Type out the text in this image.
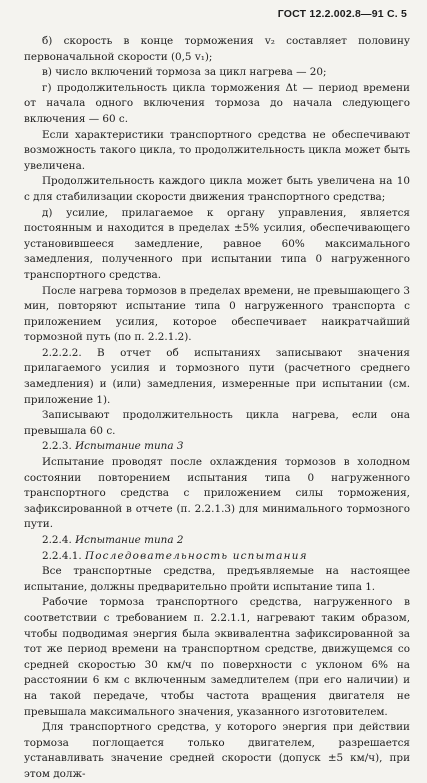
ГОСТ 12.2.002.8—91 С. 5

б) скорость в конце торможения v₂ составляет половину первоначальной скорости (0,5 v₁);

в) число включений тормоза за цикл нагрева — 20;

г) продолжительность цикла торможения Δt — период времени от начала одного включения тормоза до начала следующего включения — 60 с.

Если характеристики транспортного средства не обеспечивают возможность такого цикла, то продолжительность цикла может быть увеличена.

Продолжительность каждого цикла может быть увеличена на 10 с для стабилизации скорости движения транспортного средства;

д) усилие, прилагаемое к органу управления, является постоянным и находится в пределах ±5% усилия, обеспечивающего установившееся замедление, равное 60% максимального замедления, полученного при испытании типа 0 нагруженного транспортного средства.

После нагрева тормозов в пределах времени, не превышающего 3 мин, повторяют испытание типа 0 нагруженного транспорта с приложением усилия, которое обеспечивает наикратчайший тормозной путь (по п. 2.2.1.2).

2.2.2.2. В отчет об испытаниях записывают значения прилагаемого усилия и тормозного пути (расчетного среднего замедления) и (или) замедления, измеренные при испытании (см. приложение 1).

Записывают продолжительность цикла нагрева, если она превышала 60 с.

2.2.3. Испытание типа 3

Испытание проводят после охлаждения тормозов в холодном состоянии повторением испытания типа 0 нагруженного транспортного средства с приложением силы торможения, зафиксированной в отчете (п. 2.2.1.3) для минимального тормозного пути.

2.2.4. Испытание типа 2

2.2.4.1. Последовательность испытания

Все транспортные средства, предъявляемые на настоящее испытание, должны предварительно пройти испытание типа 1.

Рабочие тормоза транспортного средства, нагруженного в соответствии с требованием п. 2.2.1.1, нагревают таким образом, чтобы подводимая энергия была эквивалентна зафиксированной за тот же период времени на транспортном средстве, движущемся со средней скоростью 30 км/ч по поверхности с уклоном 6% на расстоянии 6 км с включенным замедлителем (при его наличии) и на такой передаче, чтобы частота вращения двигателя не превышала максимального значения, указанного изготовителем.

Для транспортного средства, у которого энергия при действии тормоза поглощается только двигателем, разрешается устанавливать значение средней скорости (допуск ±5 км/ч), при этом долж-
